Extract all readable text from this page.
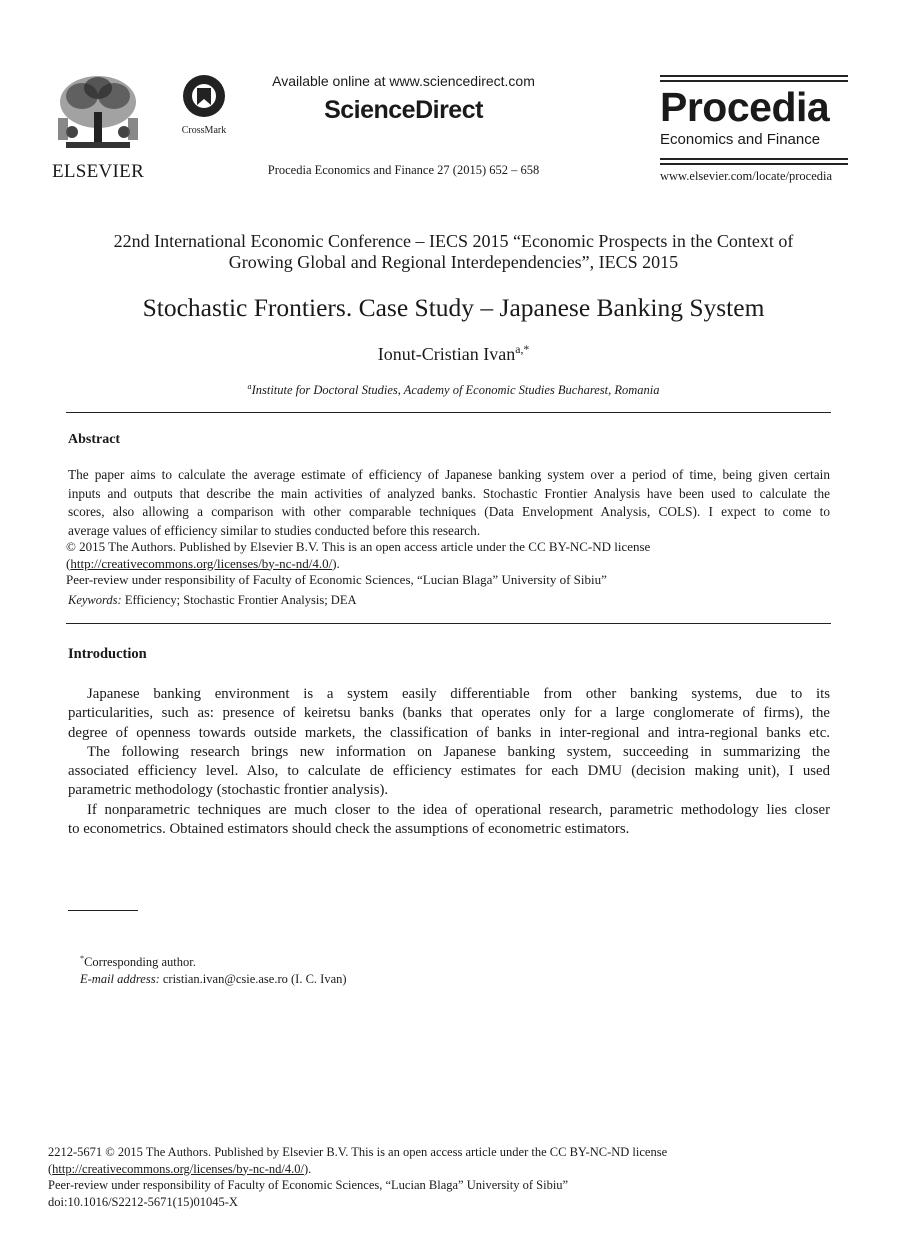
ELSEVIER
CrossMark
Available online at www.sciencedirect.com
ScienceDirect
Procedia Economics and Finance 27 (2015) 652 – 658
Procedia
Economics and Finance
www.elsevier.com/locate/procedia
22nd International Economic Conference – IECS 2015 “Economic Prospects in the Context of
Growing Global and Regional Interdependencies”, IECS 2015
Stochastic Frontiers. Case Study – Japanese Banking System
Ionut-Cristian Ivan$^{a,*}$
$^a$Institute for Doctoral Studies, Academy of Economic Studies Bucharest, Romania
Abstract
The paper aims to calculate the average estimate of efficiency of Japanese banking system over a period of time, being given certain
inputs and outputs that describe the main activities of analyzed banks. Stochastic Frontier Analysis have been used to calculate the
scores, also allowing a comparison with other comparable techniques (Data Envelopment Analysis, COLS). I expect to come to
average values of efficiency similar to studies conducted before this research.
© 2015 The Authors. Published by Elsevier B.V. This is an open access article under the CC BY-NC-ND license
(http://creativecommons.org/licenses/by-nc-nd/4.0/).
Peer-review under responsibility of Faculty of Economic Sciences, “Lucian Blaga” University of Sibiu”
Keywords: Efficiency; Stochastic Frontier Analysis; DEA
Introduction
Japanese banking environment is a system easily differentiable from other banking systems, due to its
particularities, such as: presence of keiretsu banks (banks that operates only for a large conglomerate of firms), the
degree of openness towards outside markets, the classification of banks in inter-regional and intra-regional banks etc.
The following research brings new information on Japanese banking system, succeeding in summarizing the
associated efficiency level. Also, to calculate de efficiency estimates for each DMU (decision making unit), I used
parametric methodology (stochastic frontier analysis).
If nonparametric techniques are much closer to the idea of operational research, parametric methodology lies closer
to econometrics. Obtained estimators should check the assumptions of econometric estimators.
*Corresponding author.
E-mail address: cristian.ivan@csie.ase.ro (I. C. Ivan)
2212-5671 © 2015 The Authors. Published by Elsevier B.V. This is an open access article under the CC BY-NC-ND license
(http://creativecommons.org/licenses/by-nc-nd/4.0/).
Peer-review under responsibility of Faculty of Economic Sciences, “Lucian Blaga” University of Sibiu”
doi:10.1016/S2212-5671(15)01045-X
